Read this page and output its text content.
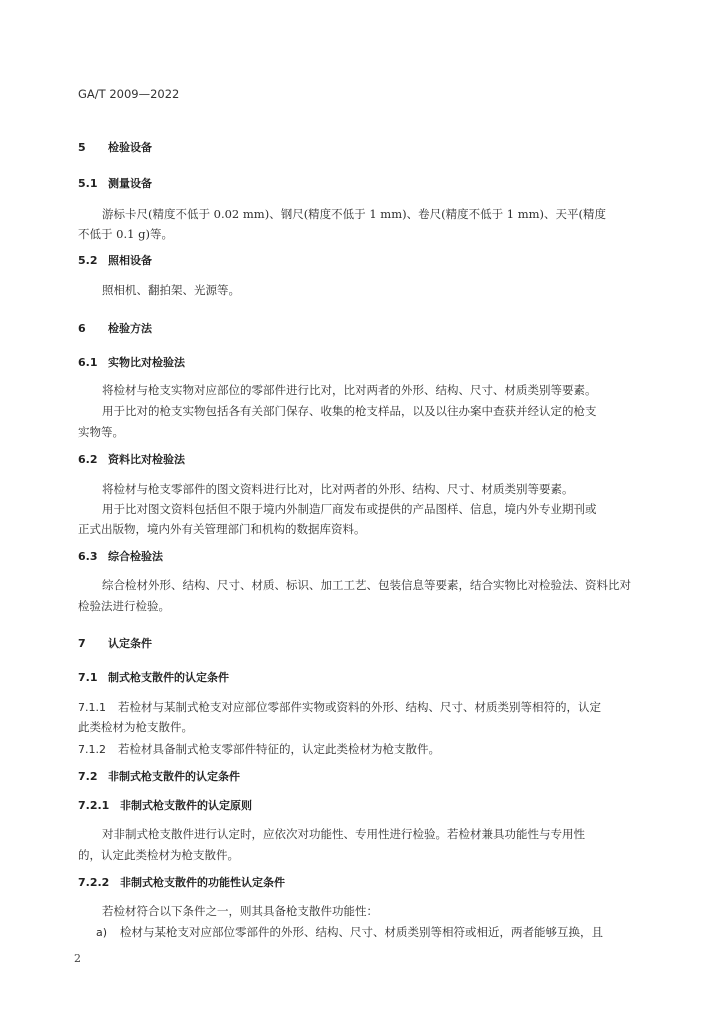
GA/T 2009—2022
5 检验设备
5.1 测量设备
游标卡尺(精度不低于 0.02 mm)、钢尺(精度不低于 1 mm)、卷尺(精度不低于 1 mm)、天平(精度
不低于 0.1 g)等。
5.2 照相设备
照相机、翻拍架、光源等。
6 检验方法
6.1 实物比对检验法
将检材与枪支实物对应部位的零部件进行比对，比对两者的外形、结构、尺寸、材质类别等要素。
用于比对的枪支实物包括各有关部门保存、收集的枪支样品，以及以往办案中查获并经认定的枪支
实物等。
6.2 资料比对检验法
将检材与枪支零部件的图文资料进行比对，比对两者的外形、结构、尺寸、材质类别等要素。
用于比对图文资料包括但不限于境内外制造厂商发布或提供的产品图样、信息，境内外专业期刊或
正式出版物，境内外有关管理部门和机构的数据库资料。
6.3 综合检验法
综合检材外形、结构、尺寸、材质、标识、加工工艺、包装信息等要素，结合实物比对检验法、资料比对
检验法进行检验。
7 认定条件
7.1 制式枪支散件的认定条件
7.1.1 若检材与某制式枪支对应部位零部件实物或资料的外形、结构、尺寸、材质类别等相符的，认定
此类检材为枪支散件。
7.1.2 若检材具备制式枪支零部件特征的，认定此类检材为枪支散件。
7.2 非制式枪支散件的认定条件
7.2.1 非制式枪支散件的认定原则
对非制式枪支散件进行认定时，应依次对功能性、专用性进行检验。若检材兼具功能性与专用性
的，认定此类检材为枪支散件。
7.2.2 非制式枪支散件的功能性认定条件
若检材符合以下条件之一，则其具备枪支散件功能性：
a) 检材与某枪支对应部位零部件的外形、结构、尺寸、材质类别等相符或相近，两者能够互换，且
2
